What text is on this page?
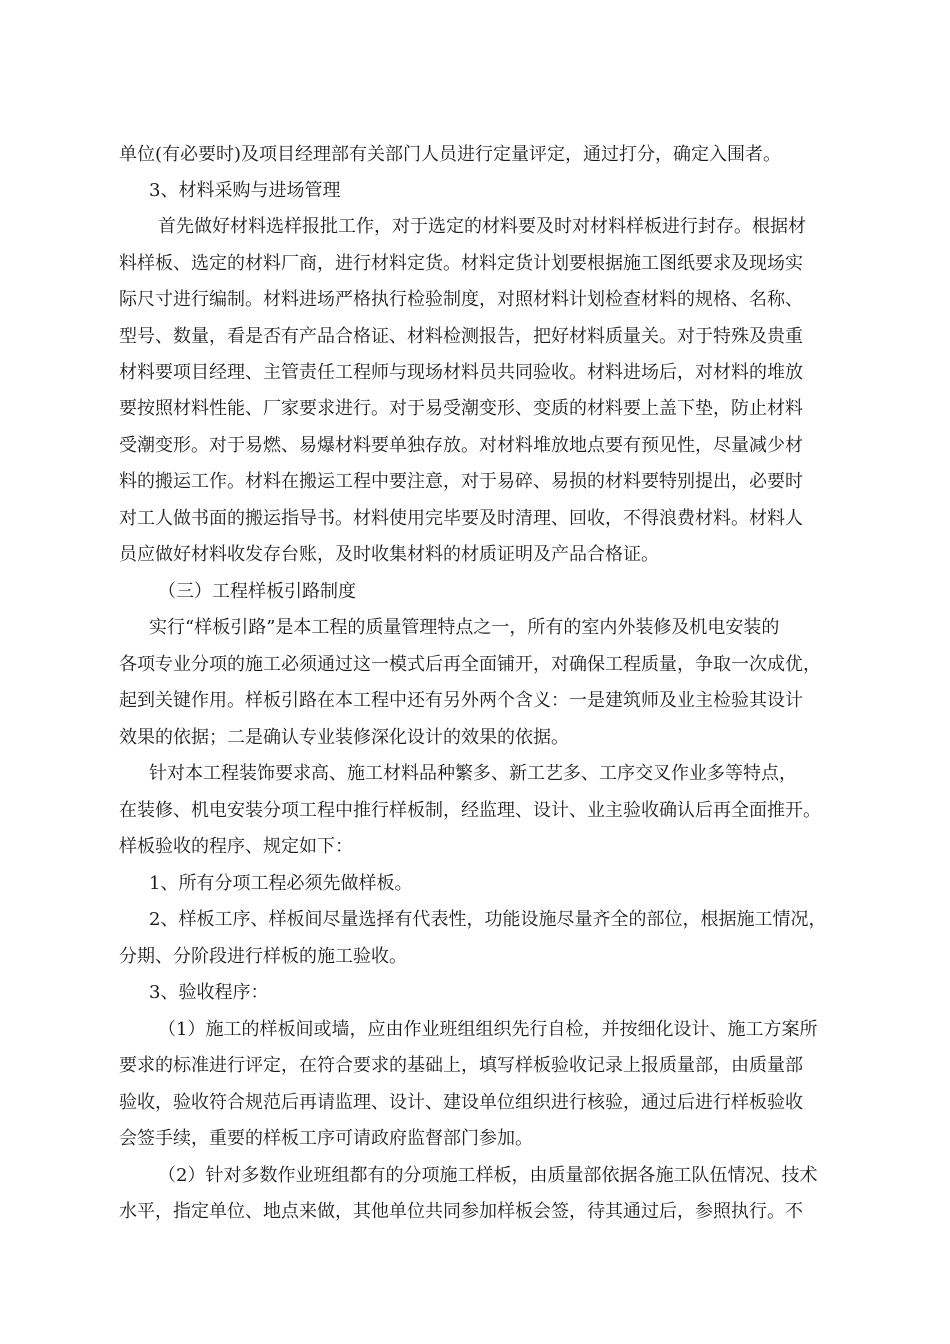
单位(有必要时)及项目经理部有关部门人员进行定量评定，通过打分，确定入围者。
3、材料采购与进场管理
首先做好材料选样报批工作，对于选定的材料要及时对材料样板进行封存。根据材
料样板、选定的材料厂商，进行材料定货。材料定货计划要根据施工图纸要求及现场实
际尺寸进行编制。材料进场严格执行检验制度，对照材料计划检查材料的规格、名称、
型号、数量，看是否有产品合格证、材料检测报告，把好材料质量关。对于特殊及贵重
材料要项目经理、主管责任工程师与现场材料员共同验收。材料进场后，对材料的堆放
要按照材料性能、厂家要求进行。对于易受潮变形、变质的材料要上盖下垫，防止材料
受潮变形。对于易燃、易爆材料要单独存放。对材料堆放地点要有预见性，尽量减少材
料的搬运工作。材料在搬运工程中要注意，对于易碎、易损的材料要特别提出，必要时
对工人做书面的搬运指导书。材料使用完毕要及时清理、回收，不得浪费材料。材料人
员应做好材料收发存台账，及时收集材料的材质证明及产品合格证。
（三）工程样板引路制度
实行“样板引路”是本工程的质量管理特点之一，所有的室内外装修及机电安装的
各项专业分项的施工必须通过这一模式后再全面铺开，对确保工程质量，争取一次成优，
起到关键作用。样板引路在本工程中还有另外两个含义：一是建筑师及业主检验其设计
效果的依据；二是确认专业装修深化设计的效果的依据。
针对本工程装饰要求高、施工材料品种繁多、新工艺多、工序交叉作业多等特点，
在装修、机电安装分项工程中推行样板制，经监理、设计、业主验收确认后再全面推开。
样板验收的程序、规定如下：
1、所有分项工程必须先做样板。
2、样板工序、样板间尽量选择有代表性，功能设施尽量齐全的部位，根据施工情况，
分期、分阶段进行样板的施工验收。
3、验收程序：
（1）施工的样板间或墙，应由作业班组组织先行自检，并按细化设计、施工方案所
要求的标准进行评定，在符合要求的基础上，填写样板验收记录上报质量部，由质量部
验收，验收符合规范后再请监理、设计、建设单位组织进行核验，通过后进行样板验收
会签手续，重要的样板工序可请政府监督部门参加。
（2）针对多数作业班组都有的分项施工样板，由质量部依据各施工队伍情况、技术
水平，指定单位、地点来做，其他单位共同参加样板会签，待其通过后，参照执行。不
